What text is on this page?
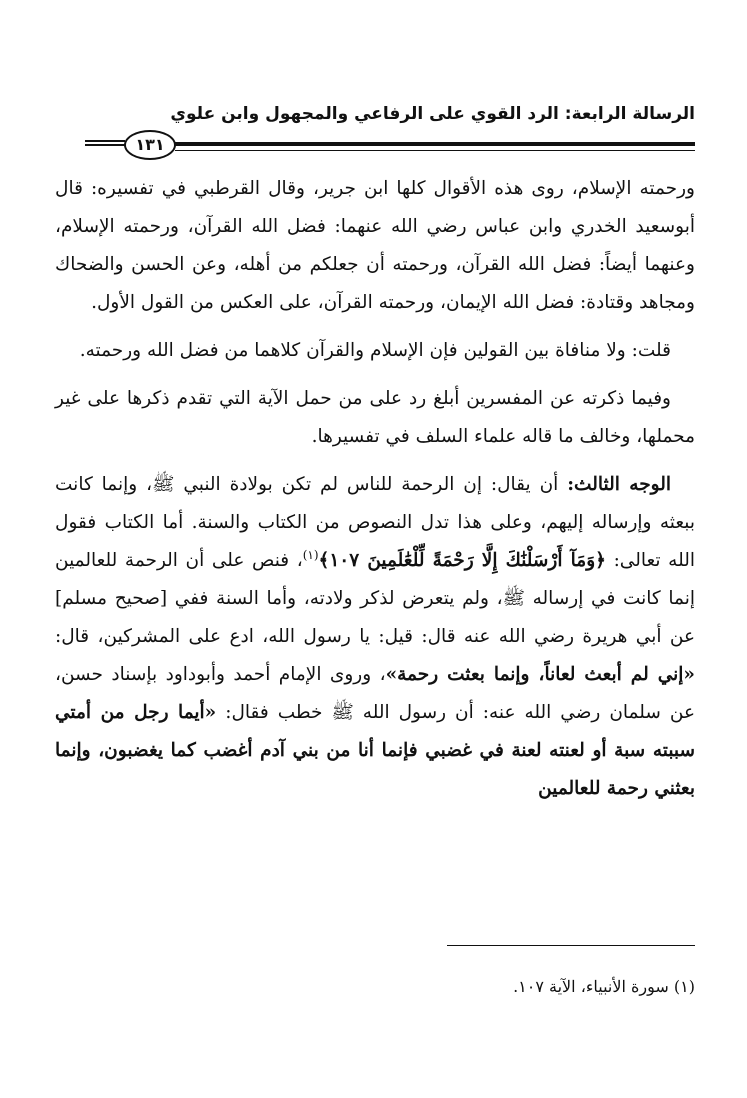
الرسالة الرابعة: الرد القوي على الرفاعي والمجهول وابن علوي
١٣١

ورحمته الإسلام، روى هذه الأقوال كلها ابن جرير، وقال القرطبي في تفسيره: قال أبوسعيد الخدري وابن عباس رضي الله عنهما: فضل الله القرآن، ورحمته الإسلام، وعنهما أيضاً: فضل الله القرآن، ورحمته أن جعلكم من أهله، وعن الحسن والضحاك ومجاهد وقتادة: فضل الله الإيمان، ورحمته القرآن، على العكس من القول الأول.

قلت: ولا منافاة بين القولين فإن الإسلام والقرآن كلاهما من فضل الله ورحمته.

وفيما ذكرته عن المفسرين أبلغ رد على من حمل الآية التي تقدم ذكرها على غير محملها، وخالف ما قاله علماء السلف في تفسيرها.

الوجه الثالث: أن يقال: إن الرحمة للناس لم تكن بولادة النبي ﷺ، وإنما كانت ببعثه وإرساله إليهم، وعلى هذا تدل النصوص من الكتاب والسنة. أما الكتاب فقول الله تعالى: ﴿وَمَآ أَرْسَلْنَٰكَ إِلَّا رَحْمَةً لِّلْعَٰلَمِينَ ١٠٧﴾$^{(١)}$، فنص على أن الرحمة للعالمين إنما كانت في إرساله ﷺ، ولم يتعرض لذكر ولادته، وأما السنة ففي [صحيح مسلم] عن أبي هريرة رضي الله عنه قال: قيل: يا رسول الله، ادع على المشركين، قال: «إني لم أبعث لعاناً، وإنما بعثت رحمة»، وروى الإمام أحمد وأبوداود بإسناد حسن، عن سلمان رضي الله عنه: أن رسول الله ﷺ خطب فقال: «أيما رجل من أمتي سببته سبة أو لعنته لعنة في غضبي فإنما أنا من بني آدم أغضب كما يغضبون، وإنما بعثني رحمة للعالمين

(١) سورة الأنبياء، الآية ١٠٧.
